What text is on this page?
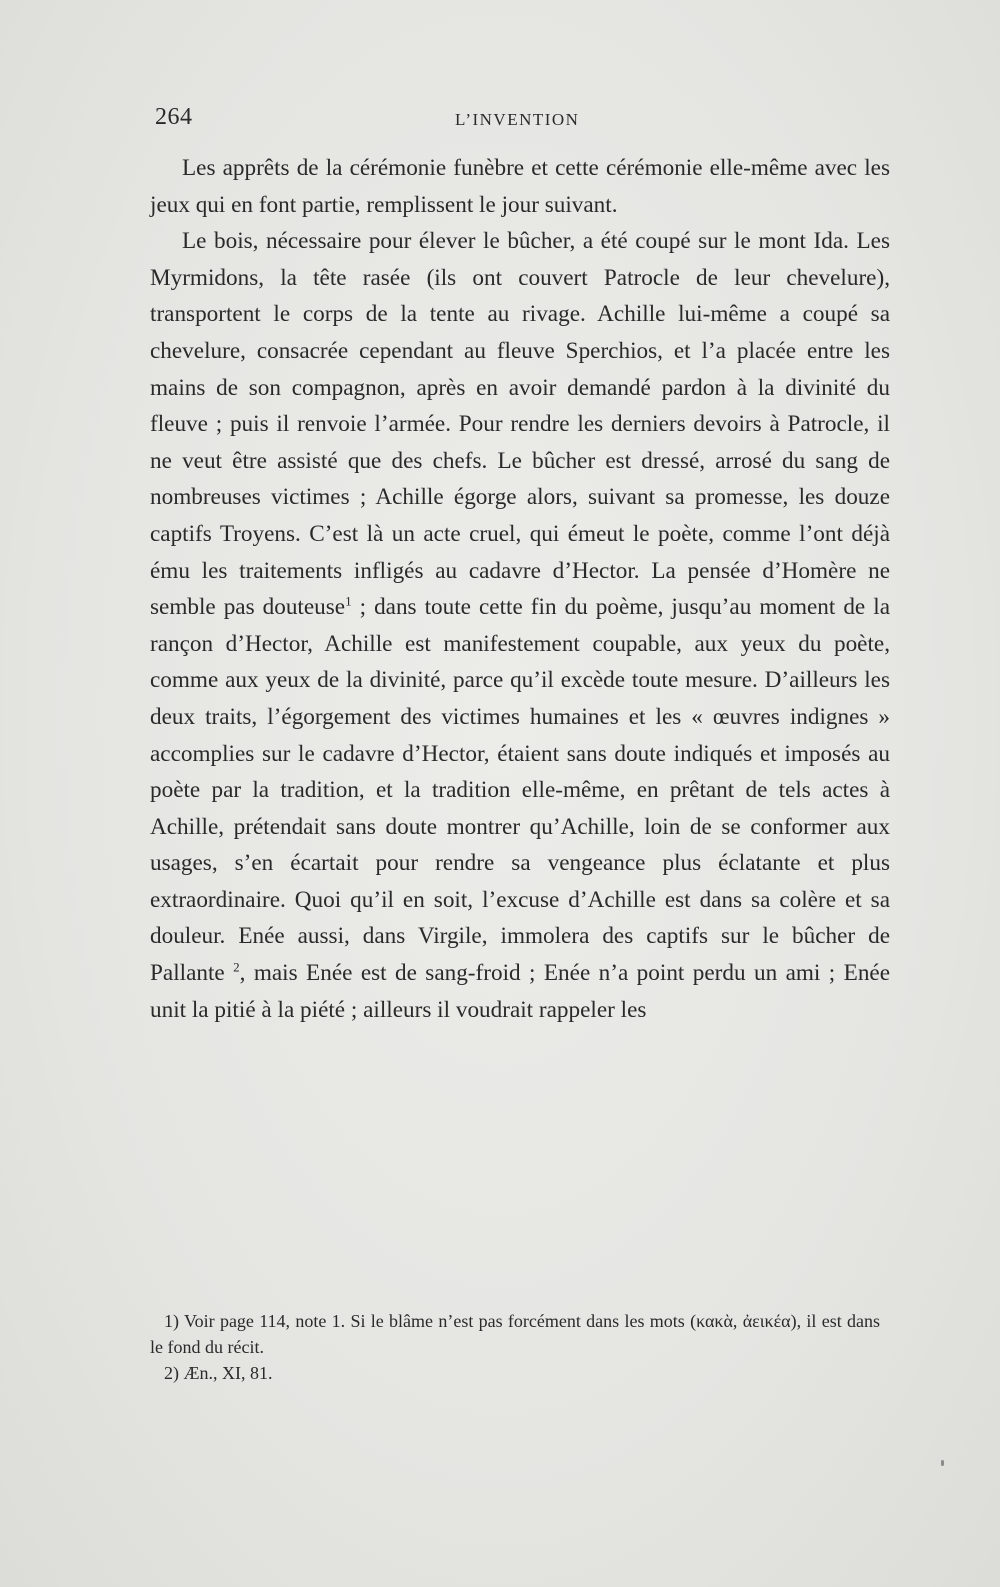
264	L’INVENTION

Les apprêts de la cérémonie funèbre et cette cérémonie elle-même avec les jeux qui en font partie, remplissent le jour suivant.

Le bois, nécessaire pour élever le bûcher, a été coupé sur le mont Ida. Les Myrmidons, la tête rasée (ils ont couvert Patrocle de leur chevelure), transportent le corps de la tente au rivage. Achille lui-même a coupé sa chevelure, consacrée cependant au fleuve Sperchios, et l’a placée entre les mains de son compagnon, après en avoir demandé pardon à la divinité du fleuve ; puis il renvoie l’armée. Pour rendre les derniers devoirs à Patrocle, il ne veut être assisté que des chefs. Le bûcher est dressé, arrosé du sang de nombreuses victimes ; Achille égorge alors, suivant sa promesse, les douze captifs Troyens. C’est là un acte cruel, qui émeut le poète, comme l’ont déjà ému les traitements infligés au cadavre d’Hector. La pensée d’Homère ne semble pas douteuse$^1$ ; dans toute cette fin du poème, jusqu’au moment de la rançon d’Hector, Achille est manifestement coupable, aux yeux du poète, comme aux yeux de la divinité, parce qu’il excède toute mesure. D’ailleurs les deux traits, l’égorgement des victimes humaines et les « œuvres indignes » accomplies sur le cadavre d’Hector, étaient sans doute indiqués et imposés au poète par la tradition, et la tradition elle-même, en prêtant de tels actes à Achille, prétendait sans doute montrer qu’Achille, loin de se conformer aux usages, s’en écartait pour rendre sa vengeance plus éclatante et plus extraordinaire. Quoi qu’il en soit, l’excuse d’Achille est dans sa colère et sa douleur. Enée aussi, dans Virgile, immolera des captifs sur le bûcher de Pallante $^2$, mais Enée est de sang-froid ; Enée n’a point perdu un ami ; Enée unit la pitié à la piété ; ailleurs il voudrait rappeler les

1) Voir page 114, note 1. Si le blâme n’est pas forcément dans les mots (κακὰ, ἀεικέα), il est dans le fond du récit.

2) Æn., XI, 81.
